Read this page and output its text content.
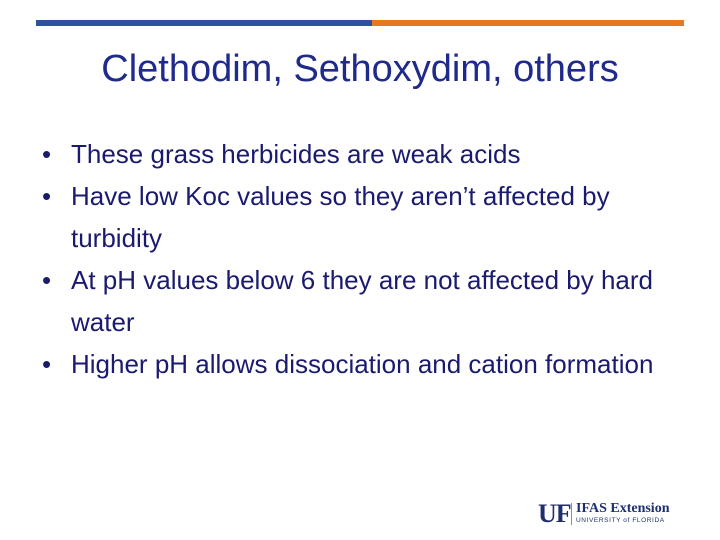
Clethodim, Sethoxydim, others
• These grass herbicides are weak acids
• Have low Koc values so they aren’t affected by turbidity
• At pH values below 6 they are not affected by hard water
• Higher pH allows dissociation and cation formation
UF IFAS Extension
UNIVERSITY of FLORIDA
